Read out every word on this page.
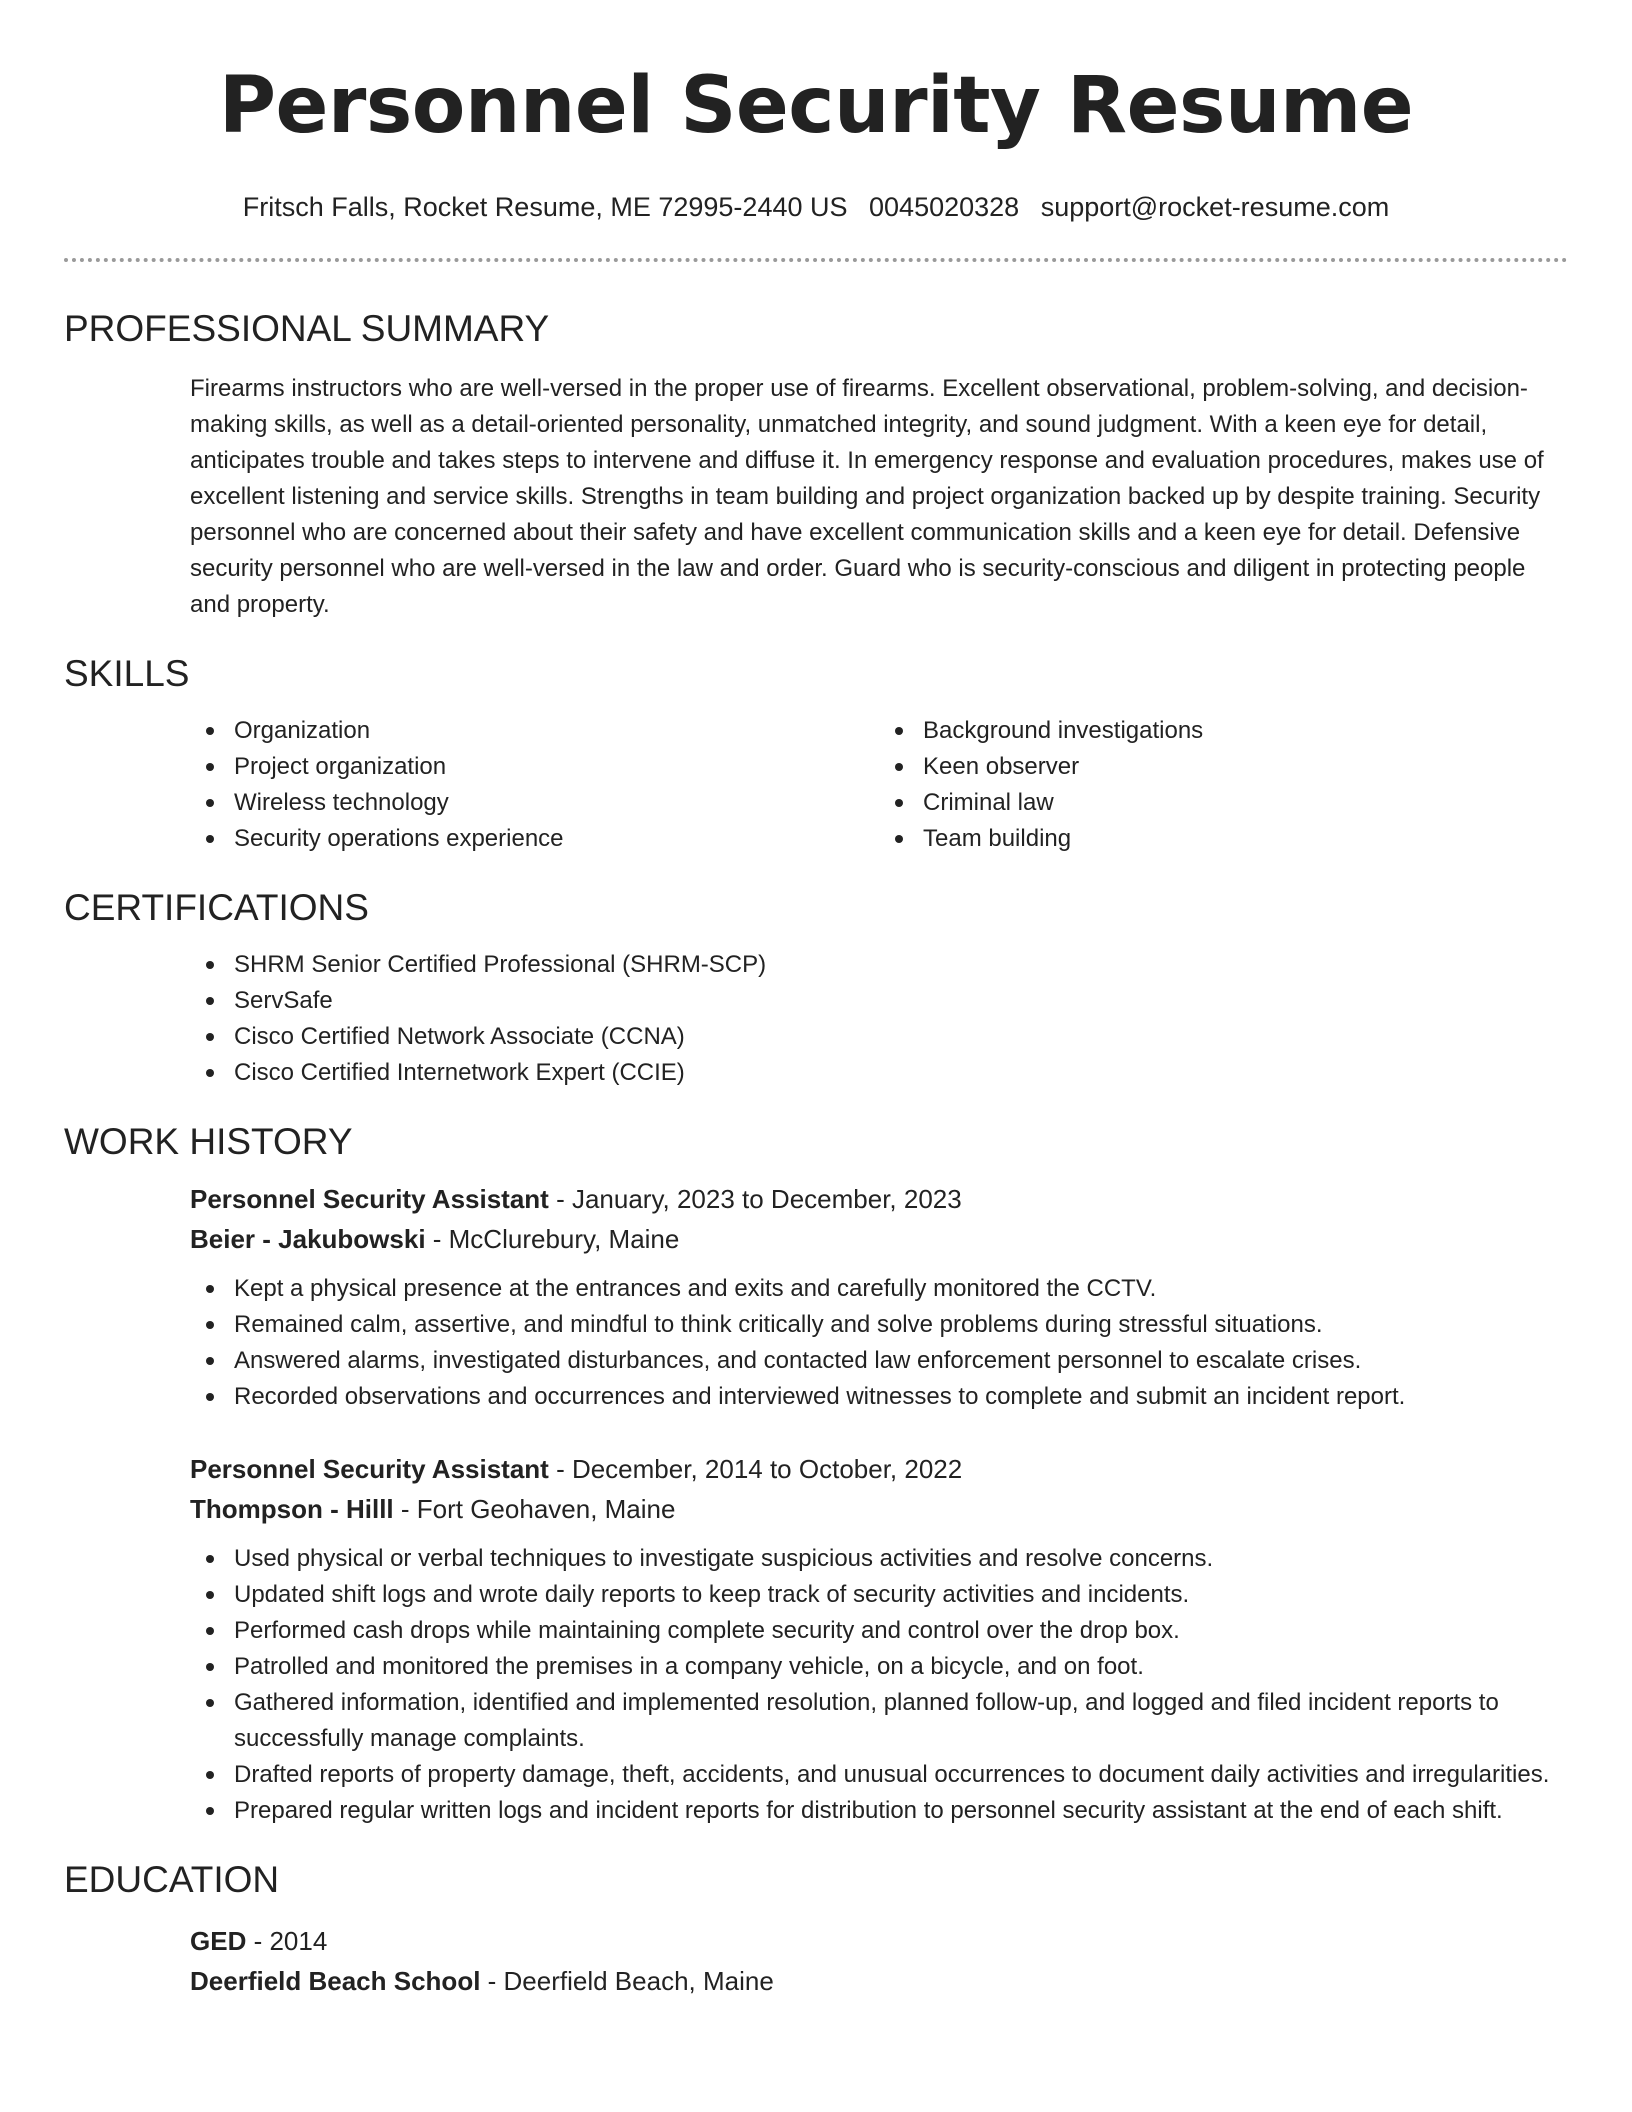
Personnel Security Resume
Fritsch Falls, Rocket Resume, ME 72995-2440 US 0045020328 support@rocket-resume.com
PROFESSIONAL SUMMARY

Firearms instructors who are well-versed in the proper use of firearms. Excellent observational, problem-solving, and decision-making skills, as well as a detail-oriented personality, unmatched integrity, and sound judgment. With a keen eye for detail, anticipates trouble and takes steps to intervene and diffuse it. In emergency response and evaluation procedures, makes use of excellent listening and service skills. Strengths in team building and project organization backed up by despite training. Security personnel who are concerned about their safety and have excellent communication skills and a keen eye for detail. Defensive security personnel who are well-versed in the law and order. Guard who is security-conscious and diligent in protecting people and property.

SKILLS
Organization
Project organization
Wireless technology
Security operations experience
Background investigations
Keen observer
Criminal law
Team building
CERTIFICATIONS
SHRM Senior Certified Professional (SHRM-SCP)
ServSafe
Cisco Certified Network Associate (CCNA)
Cisco Certified Internetwork Expert (CCIE)
WORK HISTORY
Personnel Security Assistant - January, 2023 to December, 2023
Beier - Jakubowski - McClurebury, Maine
Kept a physical presence at the entrances and exits and carefully monitored the CCTV.
Remained calm, assertive, and mindful to think critically and solve problems during stressful situations.
Answered alarms, investigated disturbances, and contacted law enforcement personnel to escalate crises.
Recorded observations and occurrences and interviewed witnesses to complete and submit an incident report.
Personnel Security Assistant - December, 2014 to October, 2022
Thompson - Hilll - Fort Geohaven, Maine
Used physical or verbal techniques to investigate suspicious activities and resolve concerns.
Updated shift logs and wrote daily reports to keep track of security activities and incidents.
Performed cash drops while maintaining complete security and control over the drop box.
Patrolled and monitored the premises in a company vehicle, on a bicycle, and on foot.
Gathered information, identified and implemented resolution, planned follow-up, and logged and filed incident reports to successfully manage complaints.
Drafted reports of property damage, theft, accidents, and unusual occurrences to document daily activities and irregularities.
Prepared regular written logs and incident reports for distribution to personnel security assistant at the end of each shift.
EDUCATION
GED - 2014
Deerfield Beach School - Deerfield Beach, Maine
